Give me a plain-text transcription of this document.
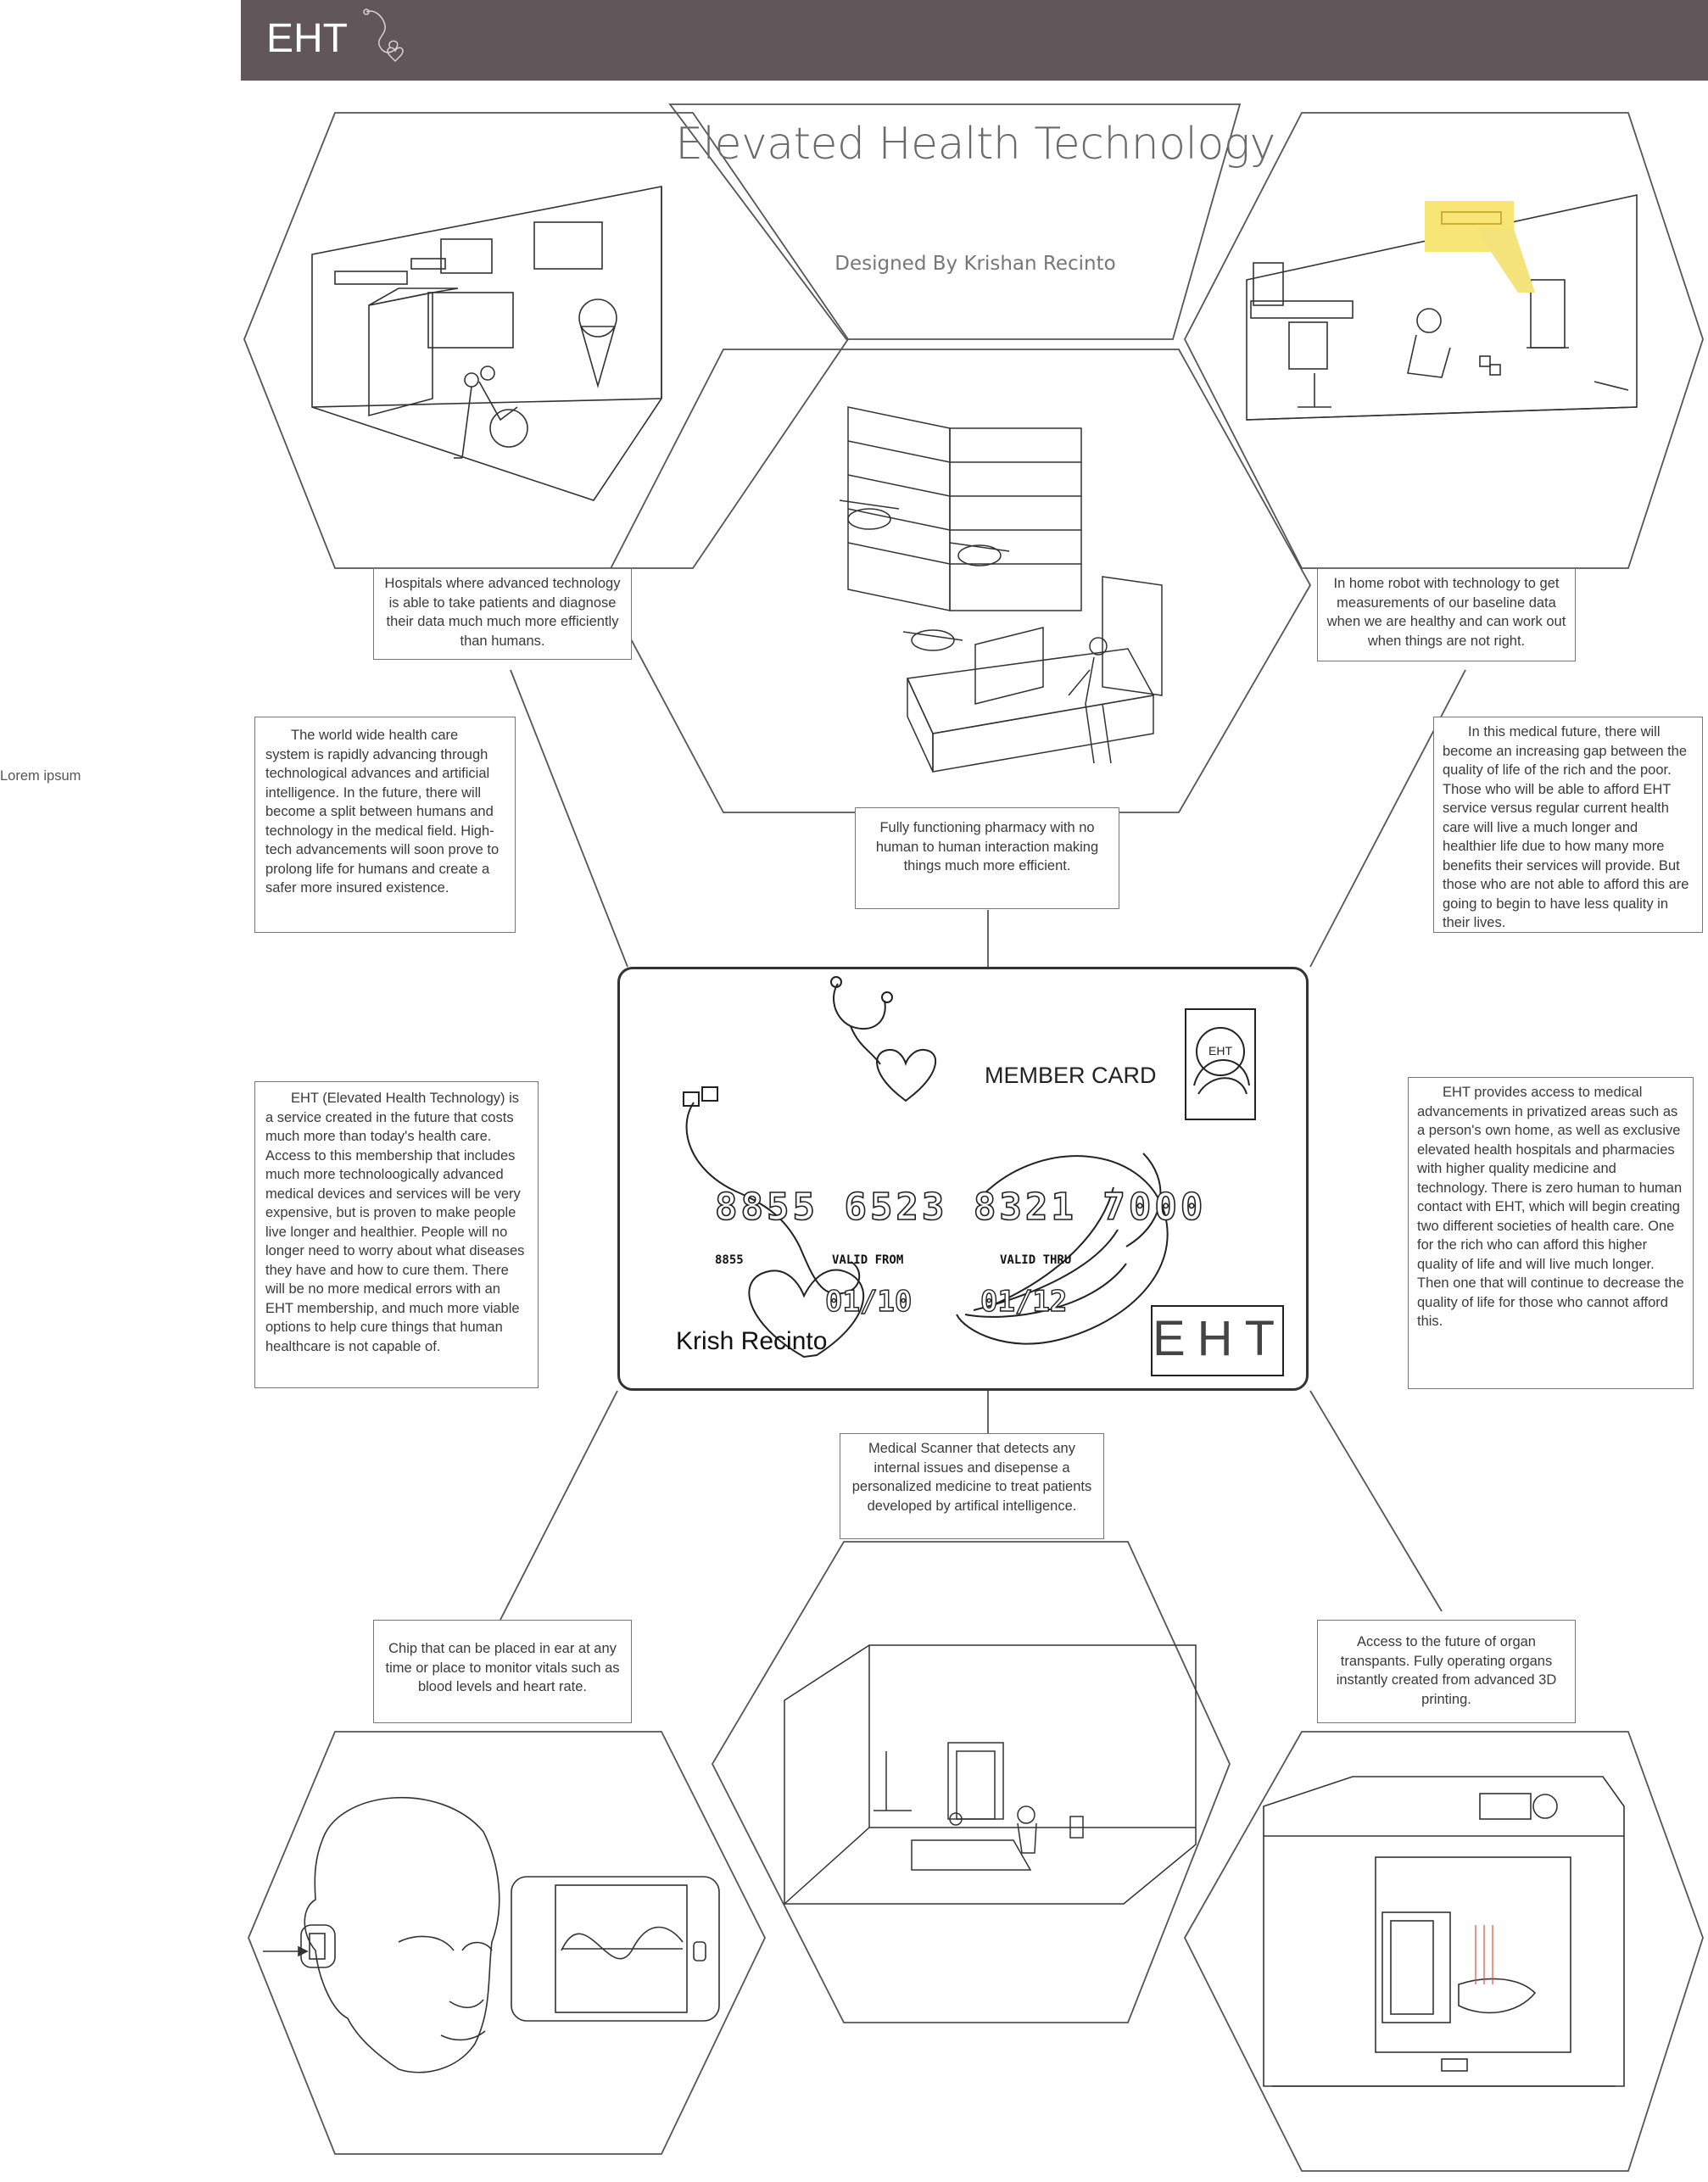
EHT
Elevated Health Technology
Designed By Krishan Recinto
Lorem ipsum
Hospitals where advanced technology is able to take patients and diagnose their data much much more efficiently than humans.
In home robot with technology to get measurements of our baseline data when we are healthy and can work out when things are not right.
Fully functioning pharmacy with no human to human interaction making things much more efficient.
Medical Scanner that detects any internal issues and disepense a personalized medicine to treat patients developed by artifical intelligence.
Chip that can be placed in ear at any time or place to monitor vitals such as blood levels and heart rate.
Access to the future of organ transpants. Fully operating organs instantly created from advanced 3D printing.
The world wide health care system is rapidly advancing through technological advances and artificial intelligence. In the future, there will become a split between humans and technology in the medical field. High-tech advancements will soon prove to prolong life for humans and create a safer more insured existence.
In this medical future, there will become an increasing gap between the quality of life of the rich and the poor. Those who will be able to afford EHT service versus regular current health care will live a much longer and healthier life due to how many more benefits their services will provide. But those who are not able to afford this are going to begin to have less quality in their lives.
EHT (Elevated Health Technology) is a service created in the future that costs much more than today's health care. Access to this membership that includes much more technoloogically advanced medical devices and services will be very expensive, but is proven to make people live longer and healthier. People will no longer need to worry about what diseases they have and how to cure them. There will be no more medical errors with an EHT membership, and much more viable options to help cure things that human healthcare is not capable of.
EHT provides access to medical advancements in privatized areas such as a person's own home, as well as exclusive elevated health hospitals and pharmacies with higher quality medicine and technology. There is zero human to human contact with EHT, which will begin creating two different societies of health care. One for the rich who can afford this higher quality of life and will live much longer. Then one that will continue to decrease the quality of life for those who cannot afford this.
EHT
MEMBER CARD
8855 6523 8321 7000
8855	VALID FROM	VALID THRU
01/10 01/12
Krish Recinto	EHT
